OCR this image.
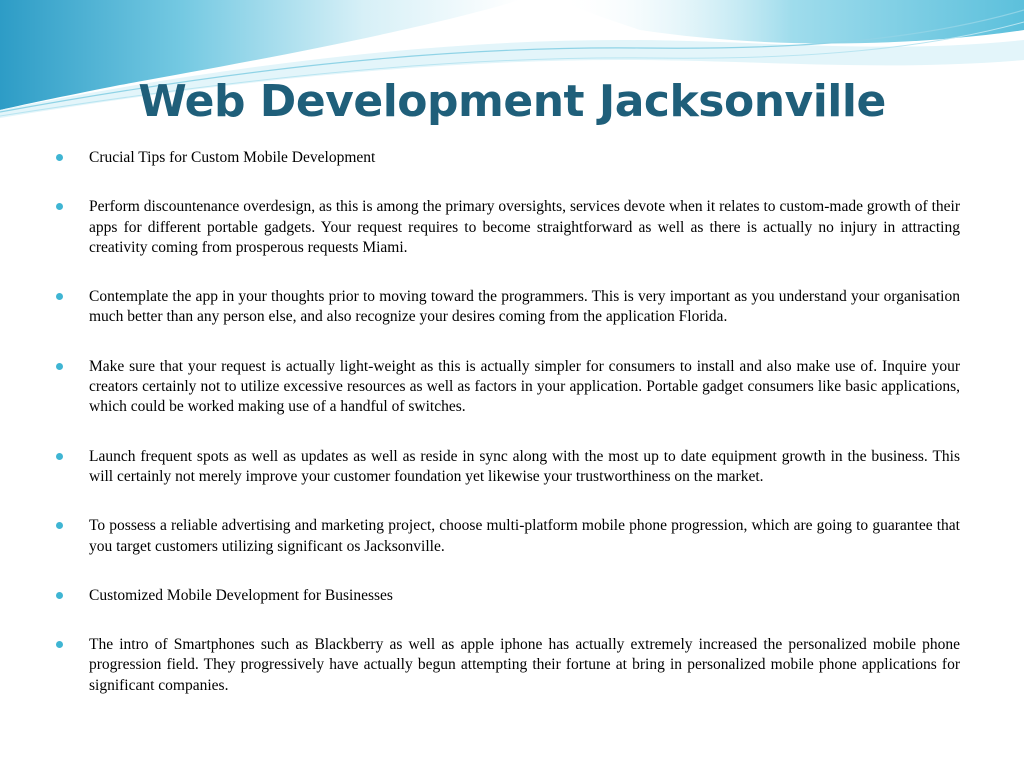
Web Development Jacksonville
Crucial Tips for Custom Mobile Development
Perform discountenance overdesign, as this is among the primary oversights, services devote when it relates to custom-made growth of their apps for different portable gadgets. Your request requires to become straightforward as well as there is actually no injury in attracting creativity coming from prosperous requests Miami.
Contemplate the app in your thoughts prior to moving toward the programmers. This is very important as you understand your organisation much better than any person else, and also recognize your desires coming from the application Florida.
Make sure that your request is actually light-weight as this is actually simpler for consumers to install and also make use of. Inquire your creators certainly not to utilize excessive resources as well as factors in your application. Portable gadget consumers like basic applications, which could be worked making use of a handful of switches.
Launch frequent spots as well as updates as well as reside in sync along with the most up to date equipment growth in the business. This will certainly not merely improve your customer foundation yet likewise your trustworthiness on the market.
To possess a reliable advertising and marketing project, choose multi-platform mobile phone progression, which are going to guarantee that you target customers utilizing significant os Jacksonville.
Customized Mobile Development for Businesses
The intro of Smartphones such as Blackberry as well as apple iphone has actually extremely increased the personalized mobile phone progression field. They progressively have actually begun attempting their fortune at bring in personalized mobile phone applications for significant companies.
